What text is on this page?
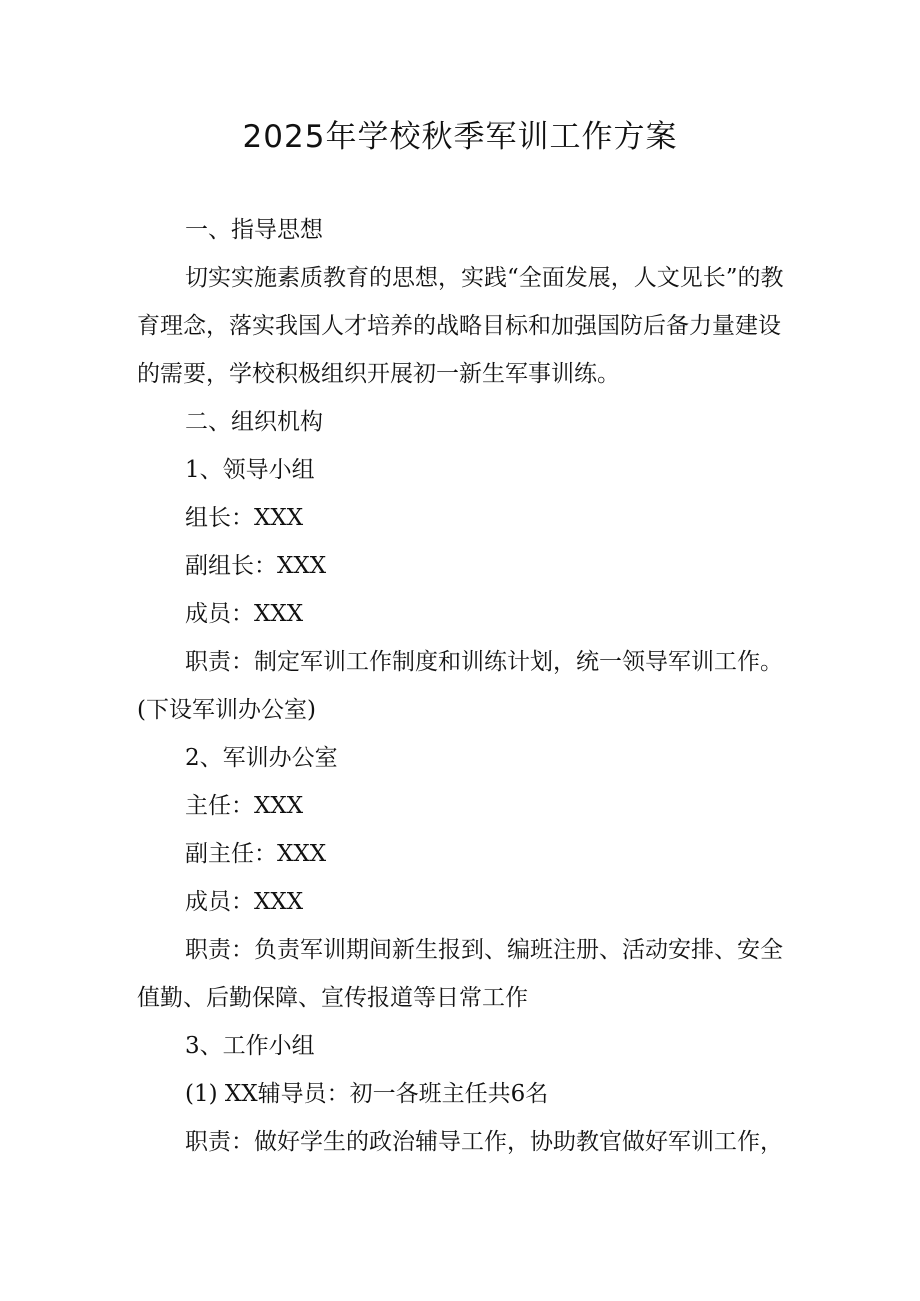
2025年学校秋季军训工作方案

一、指导思想

切实实施素质教育的思想，实践“全面发展，人文见长”的教育理念，落实我国人才培养的战略目标和加强国防后备力量建设的需要，学校积极组织开展初一新生军事训练。

二、组织机构

1、领导小组

组长：XXX

副组长：XXX

成员：XXX

职责：制定军训工作制度和训练计划，统一领导军训工作。(下设军训办公室)

2、军训办公室

主任：XXX

副主任：XXX

成员：XXX

职责：负责军训期间新生报到、编班注册、活动安排、安全值勤、后勤保障、宣传报道等日常工作

3、工作小组

(1) XX辅导员：初一各班主任共6名

职责：做好学生的政治辅导工作，协助教官做好军训工作，
